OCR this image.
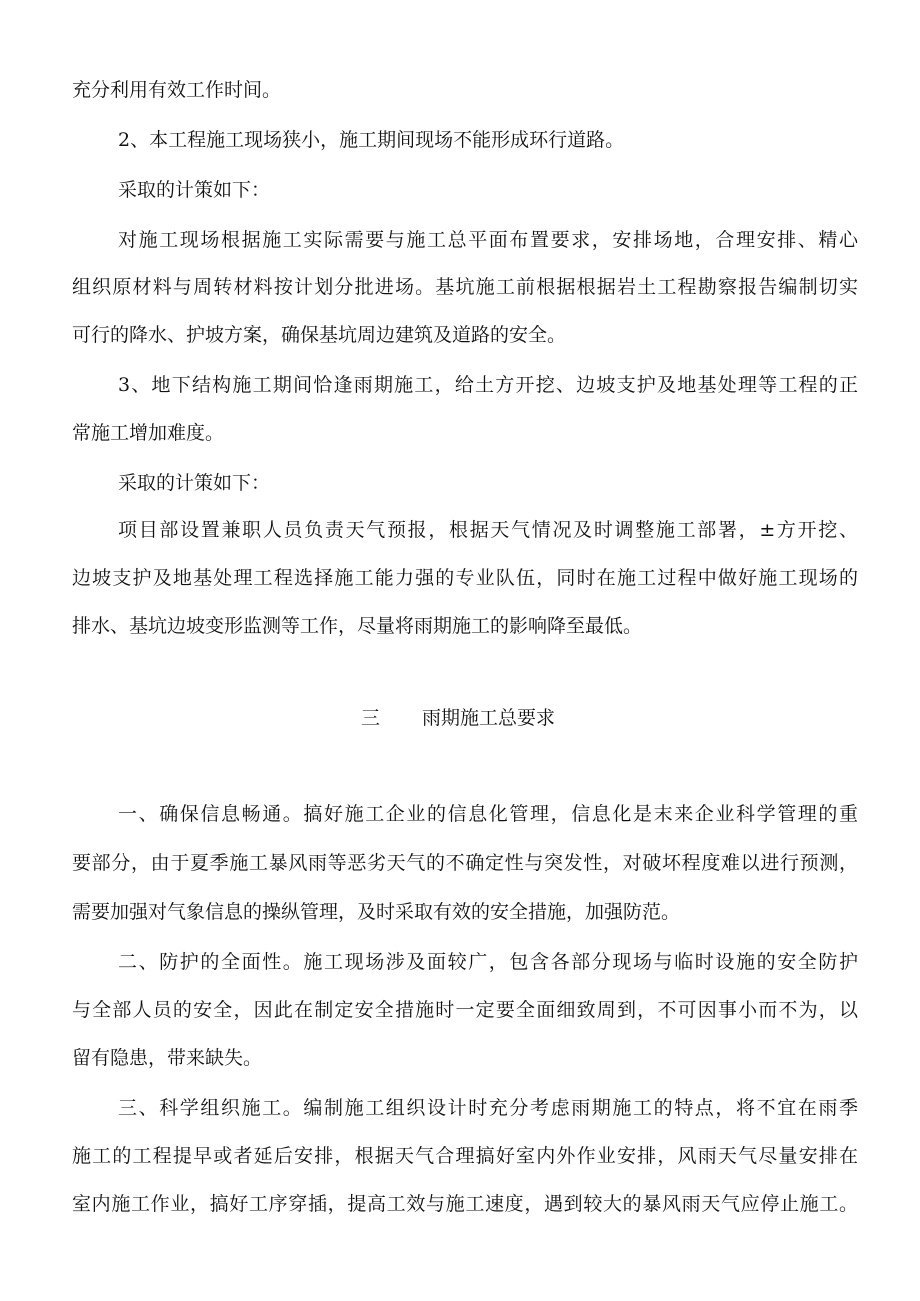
充分利用有效工作时间。
2、本工程施工现场狭小，施工期间现场不能形成环行道路。
采取的计策如下：
对施工现场根据施工实际需要与施工总平面布置要求，安排场地，合理安排、精心
组织原材料与周转材料按计划分批进场。基坑施工前根据根据岩土工程勘察报告编制切实
可行的降水、护坡方案，确保基坑周边建筑及道路的安全。
3、地下结构施工期间恰逢雨期施工，给土方开挖、边坡支护及地基处理等工程的正
常施工增加难度。
采取的计策如下：
项目部设置兼职人员负责天气预报，根据天气情况及时调整施工部署，±方开挖、
边坡支护及地基处理工程选择施工能力强的专业队伍，同时在施工过程中做好施工现场的
排水、基坑边坡变形监测等工作，尽量将雨期施工的影响降至最低。
三 雨期施工总要求
一、确保信息畅通。搞好施工企业的信息化管理，信息化是末来企业科学管理的重
要部分，由于夏季施工暴风雨等恶劣天气的不确定性与突发性，对破坏程度难以进行预测，
需要加强对气象信息的操纵管理，及时采取有效的安全措施，加强防范。
二、防护的全面性。施工现场涉及面较广，包含各部分现场与临时设施的安全防护
与全部人员的安全，因此在制定安全措施时一定要全面细致周到，不可因事小而不为，以
留有隐患，带来缺失。
三、科学组织施工。编制施工组织设计时充分考虑雨期施工的特点，将不宜在雨季
施工的工程提早或者延后安排，根据天气合理搞好室内外作业安排，风雨天气尽量安排在
室内施工作业，搞好工序穿插，提高工效与施工速度，遇到较大的暴风雨天气应停止施工。
